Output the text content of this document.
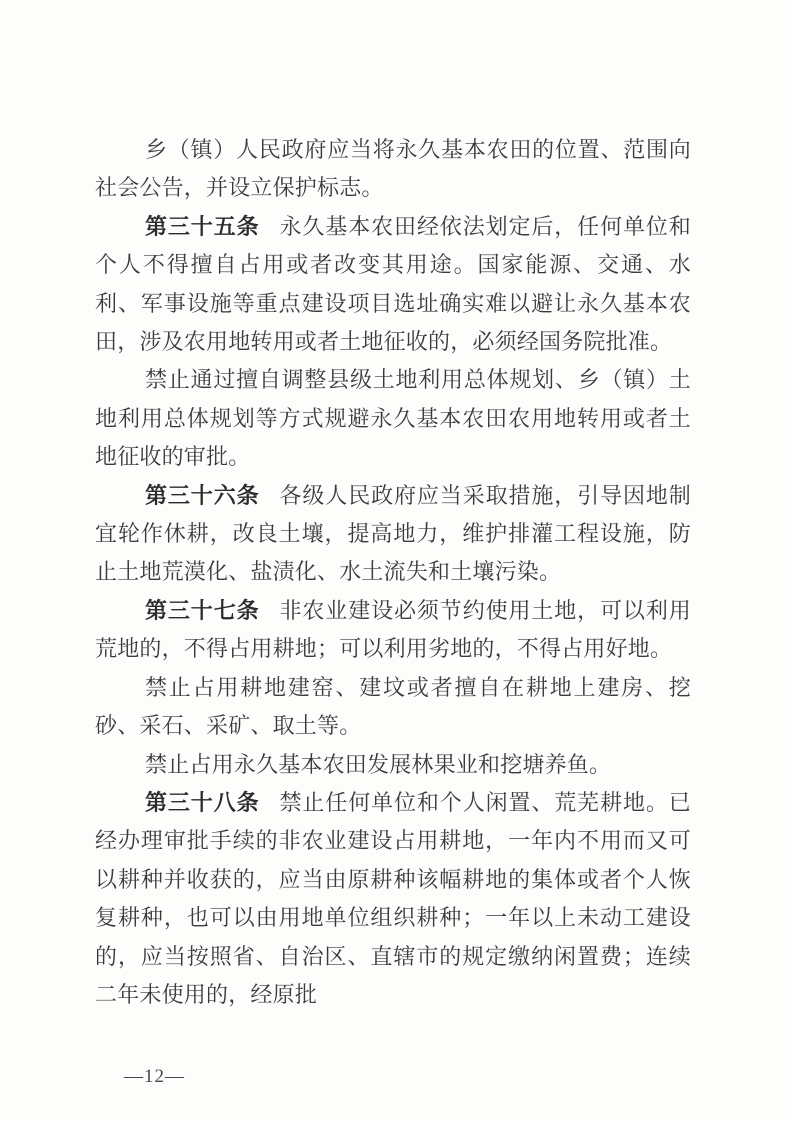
乡（镇）人民政府应当将永久基本农田的位置、范围向社会公告，并设立保护标志。

第三十五条 永久基本农田经依法划定后，任何单位和个人不得擅自占用或者改变其用途。国家能源、交通、水利、军事设施等重点建设项目选址确实难以避让永久基本农田，涉及农用地转用或者土地征收的，必须经国务院批准。

禁止通过擅自调整县级土地利用总体规划、乡（镇）土地利用总体规划等方式规避永久基本农田农用地转用或者土地征收的审批。

第三十六条 各级人民政府应当采取措施，引导因地制宜轮作休耕，改良土壤，提高地力，维护排灌工程设施，防止土地荒漠化、盐渍化、水土流失和土壤污染。

第三十七条 非农业建设必须节约使用土地，可以利用荒地的，不得占用耕地；可以利用劣地的，不得占用好地。

禁止占用耕地建窑、建坟或者擅自在耕地上建房、挖砂、采石、采矿、取土等。

禁止占用永久基本农田发展林果业和挖塘养鱼。

第三十八条 禁止任何单位和个人闲置、荒芜耕地。已经办理审批手续的非农业建设占用耕地，一年内不用而又可以耕种并收获的，应当由原耕种该幅耕地的集体或者个人恢复耕种，也可以由用地单位组织耕种；一年以上未动工建设的，应当按照省、自治区、直辖市的规定缴纳闲置费；连续二年未使用的，经原批

—12—
